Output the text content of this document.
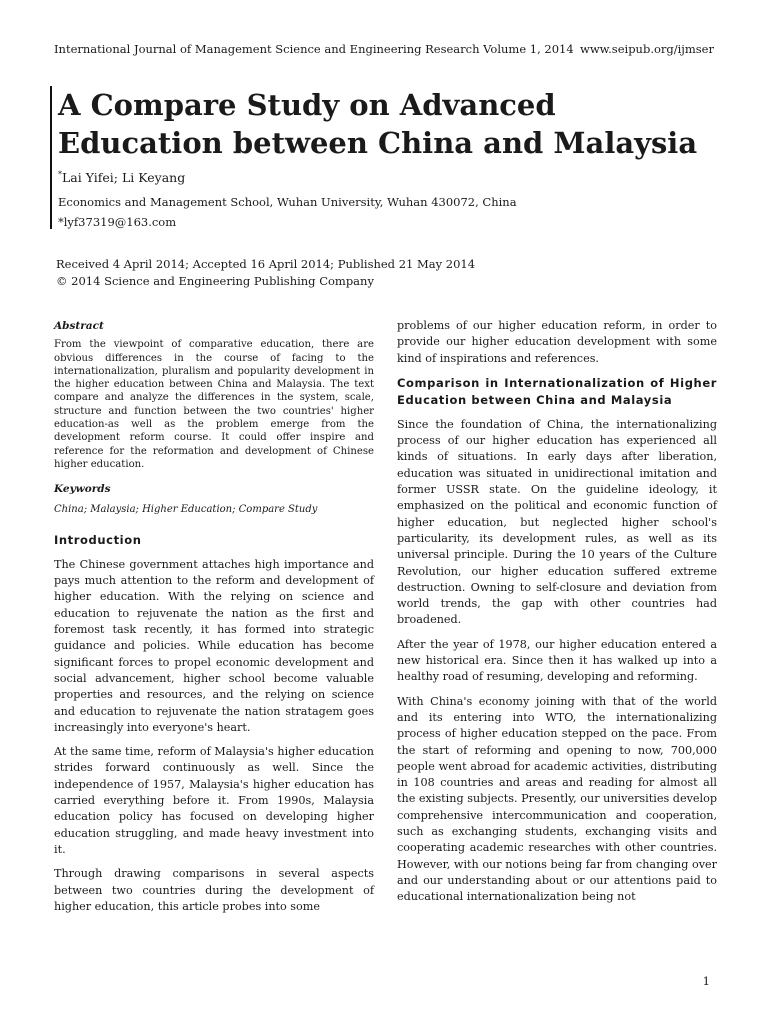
International Journal of Management Science and Engineering Research Volume 1, 2014 www.seipub.org/ijmser
A Compare Study on Advanced Education between China and Malaysia
*Lai Yifei; Li Keyang
Economics and Management School, Wuhan University, Wuhan 430072, China
*lyf37319@163.com
Received 4 April 2014; Accepted 16 April 2014; Published 21 May 2014
© 2014 Science and Engineering Publishing Company
Abstract
From the viewpoint of comparative education, there are obvious differences in the course of facing to the internationalization, pluralism and popularity development in the higher education between China and Malaysia. The text compare and analyze the differences in the system, scale, structure and function between the two countries' higher education-as well as the problem emerge from the development reform course. It could offer inspire and reference for the reformation and development of Chinese higher education.
Keywords
China; Malaysia; Higher Education; Compare Study
Introduction

The Chinese government attaches high importance and pays much attention to the reform and development of higher education. With the relying on science and education to rejuvenate the nation as the first and foremost task recently, it has formed into strategic guidance and policies. While education has become significant forces to propel economic development and social advancement, higher school become valuable properties and resources, and the relying on science and education to rejuvenate the nation stratagem goes increasingly into everyone's heart.

At the same time, reform of Malaysia's higher education strides forward continuously as well. Since the independence of 1957, Malaysia's higher education has carried everything before it. From 1990s, Malaysia education policy has focused on developing higher education struggling, and made heavy investment into it.

Through drawing comparisons in several aspects between two countries during the development of higher education, this article probes into some

problems of our higher education reform, in order to provide our higher education development with some kind of inspirations and references.

Comparison in Internationalization of Higher Education between China and Malaysia

Since the foundation of China, the internationalizing process of our higher education has experienced all kinds of situations. In early days after liberation, education was situated in unidirectional imitation and former USSR state. On the guideline ideology, it emphasized on the political and economic function of higher education, but neglected higher school's particularity, its development rules, as well as its universal principle. During the 10 years of the Culture Revolution, our higher education suffered extreme destruction. Owning to self-closure and deviation from world trends, the gap with other countries had broadened.

After the year of 1978, our higher education entered a new historical era. Since then it has walked up into a healthy road of resuming, developing and reforming.

With China's economy joining with that of the world and its entering into WTO, the internationalizing process of higher education stepped on the pace. From the start of reforming and opening to now, 700,000 people went abroad for academic activities, distributing in 108 countries and areas and reading for almost all the existing subjects. Presently, our universities develop comprehensive intercommunication and cooperation, such as exchanging students, exchanging visits and cooperating academic researches with other countries. However, with our notions being far from changing over and our understanding about or our attentions paid to educational internationalization being not

1
